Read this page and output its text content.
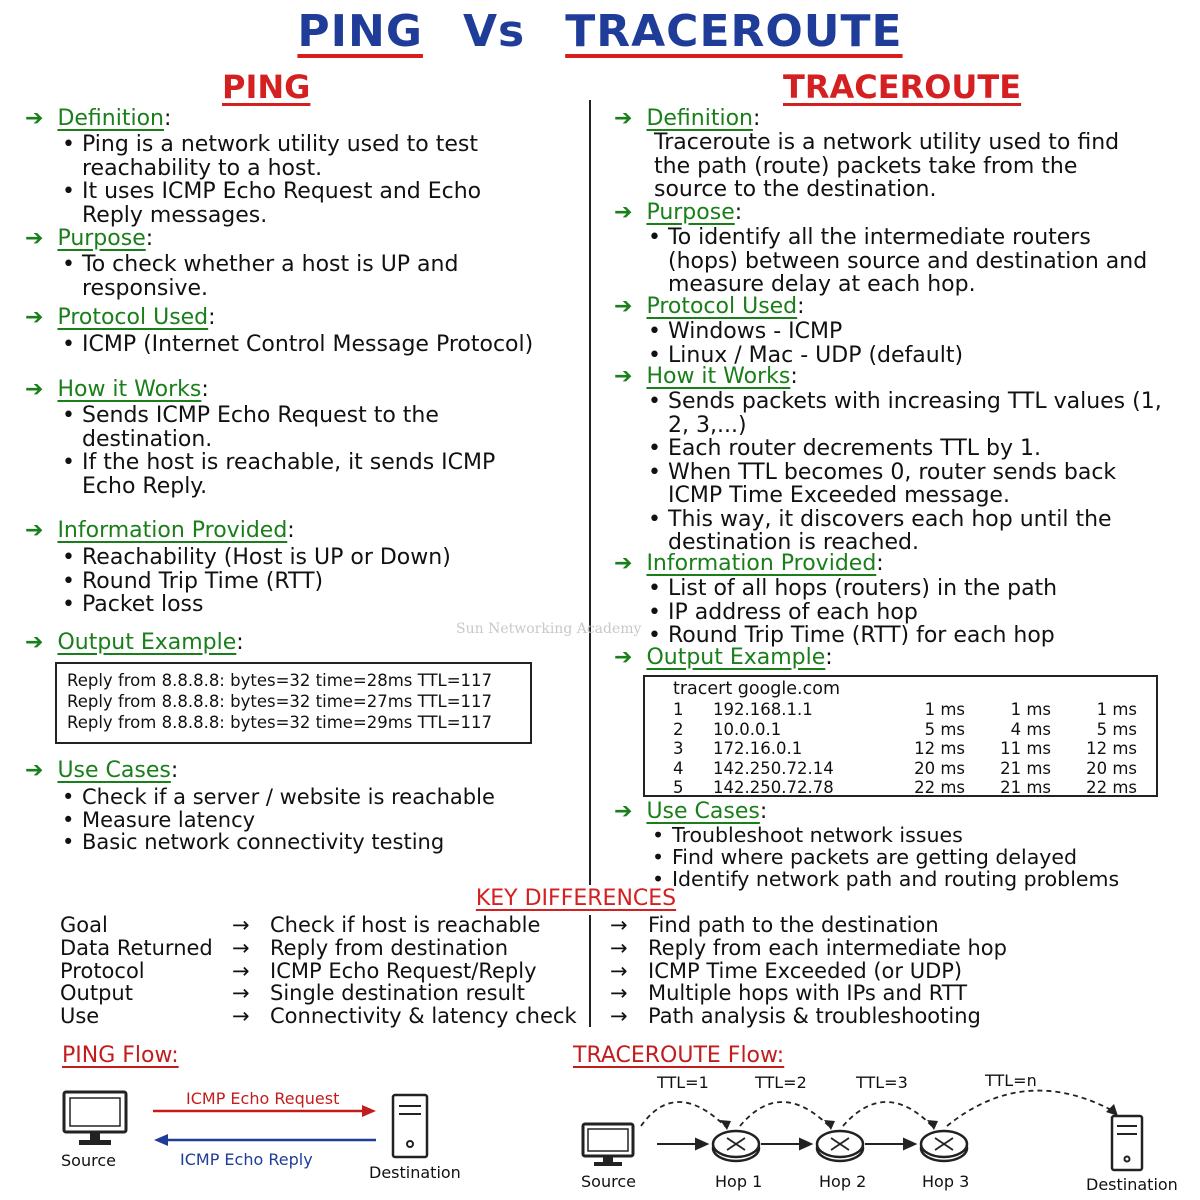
PING Vs TRACEROUTE
PING	TRACEROUTE
Sun Networking Academy
➔ Definition:
• Ping is a network utility used to test reachability to a host.
• It uses ICMP Echo Request and Echo Reply messages.
➔ Purpose:
• To check whether a host is UP and responsive.
➔ Protocol Used:
• ICMP (Internet Control Message Protocol)
➔ How it Works:
• Sends ICMP Echo Request to the destination.
• If the host is reachable, it sends ICMP Echo Reply.
➔ Information Provided:
• Reachability (Host is UP or Down)
• Round Trip Time (RTT)
• Packet loss
➔ Output Example:
Reply from 8.8.8.8: bytes=32 time=28ms TTL=117
Reply from 8.8.8.8: bytes=32 time=27ms TTL=117
Reply from 8.8.8.8: bytes=32 time=29ms TTL=117
➔ Use Cases:
• Check if a server / website is reachable
• Measure latency
• Basic network connectivity testing
➔ Definition:
Traceroute is a network utility used to find the path (route) packets take from the source to the destination.
➔ Purpose:
• To identify all the intermediate routers (hops) between source and destination and measure delay at each hop.
➔ Protocol Used:
• Windows - ICMP
• Linux / Mac - UDP (default)
➔ How it Works:
• Sends packets with increasing TTL values (1, 2, 3,...)
• Each router decrements TTL by 1.
• When TTL becomes 0, router sends back ICMP Time Exceeded message.
• This way, it discovers each hop until the destination is reached.
➔ Information Provided:
• List of all hops (routers) in the path
• IP address of each hop
• Round Trip Time (RTT) for each hop
➔ Output Example:
tracert google.com
1	192.168.1.1	1 ms	1 ms	1 ms
2	10.0.0.1	5 ms	4 ms	5 ms
3	172.16.0.1	12 ms	11 ms	12 ms
4	142.250.72.14	20 ms	21 ms	20 ms
5	142.250.72.78	22 ms	21 ms	22 ms
➔ Use Cases:
• Troubleshoot network issues
• Find where packets are getting delayed
• Identify network path and routing problems
KEY DIFFERENCES
Goal	→ Check if host is reachable	→ Find path to the destination
Data Returned → Reply from destination	→ Reply from each intermediate hop
Protocol	→ ICMP Echo Request/Reply	→ ICMP Time Exceeded (or UDP)
Output	→ Single destination result	→ Multiple hops with IPs and RTT
Use	→ Connectivity & latency check → Path analysis & troubleshooting
PING Flow:
Source
Destination
ICMP Echo Request
ICMP Echo Reply
TRACEROUTE Flow:
TTL=1	TTL=2	TTL=3	TTL=n
Source	Hop 1	Hop 2	Hop 3	Destination
